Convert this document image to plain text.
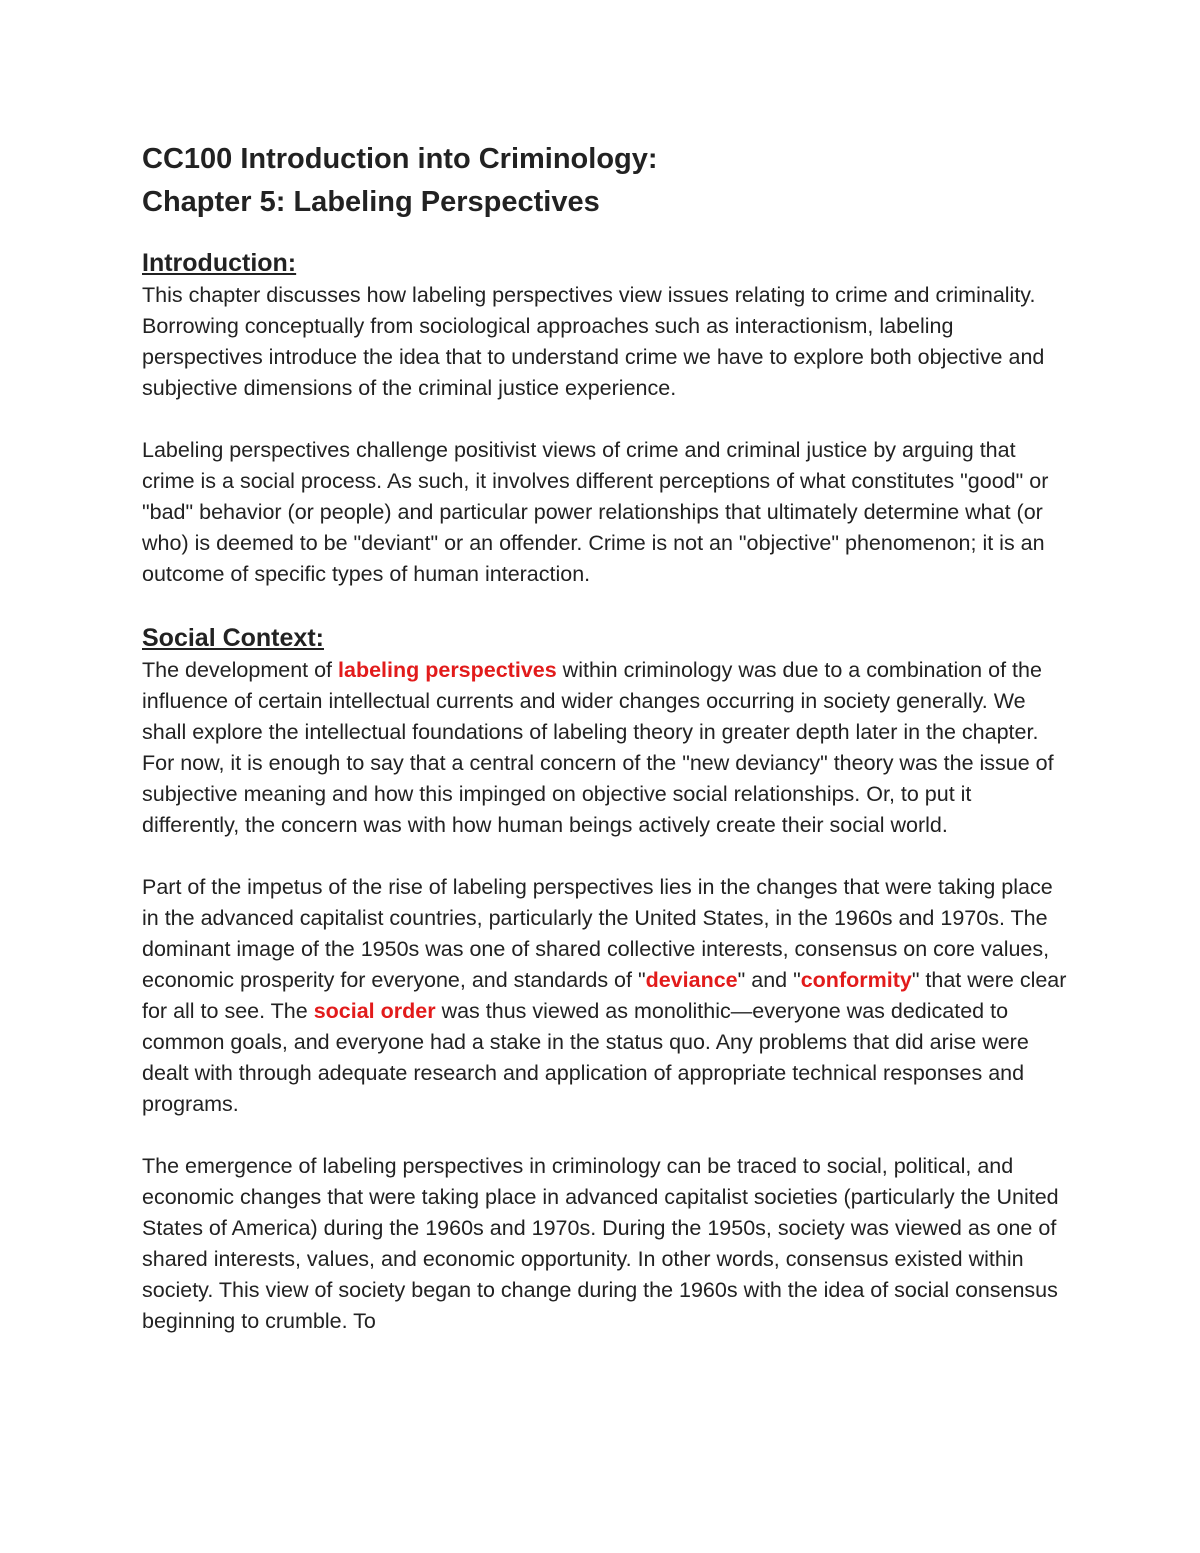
CC100 Introduction into Criminology:

Chapter 5: Labeling Perspectives

Introduction:

This chapter discusses how labeling perspectives view issues relating to crime and criminality. Borrowing conceptually from sociological approaches such as interactionism, labeling perspectives introduce the idea that to understand crime we have to explore both objective and subjective dimensions of the criminal justice experience.

Labeling perspectives challenge positivist views of crime and criminal justice by arguing that crime is a social process. As such, it involves different perceptions of what constitutes "good" or "bad" behavior (or people) and particular power relationships that ultimately determine what (or who) is deemed to be "deviant" or an offender. Crime is not an "objective" phenomenon; it is an outcome of specific types of human interaction.

Social Context:

The development of labeling perspectives within criminology was due to a combination of the influence of certain intellectual currents and wider changes occurring in society generally. We shall explore the intellectual foundations of labeling theory in greater depth later in the chapter. For now, it is enough to say that a central concern of the "new deviancy" theory was the issue of subjective meaning and how this impinged on objective social relationships. Or, to put it differently, the concern was with how human beings actively create their social world.

Part of the impetus of the rise of labeling perspectives lies in the changes that were taking place in the advanced capitalist countries, particularly the United States, in the 1960s and 1970s. The dominant image of the 1950s was one of shared collective interests, consensus on core values, economic prosperity for everyone, and standards of "deviance" and "conformity" that were clear for all to see. The social order was thus viewed as monolithic—everyone was dedicated to common goals, and everyone had a stake in the status quo. Any problems that did arise were dealt with through adequate research and application of appropriate technical responses and programs.

The emergence of labeling perspectives in criminology can be traced to social, political, and economic changes that were taking place in advanced capitalist societies (particularly the United States of America) during the 1960s and 1970s. During the 1950s, society was viewed as one of shared interests, values, and economic opportunity. In other words, consensus existed within society. This view of society began to change during the 1960s with the idea of social consensus beginning to crumble. To
